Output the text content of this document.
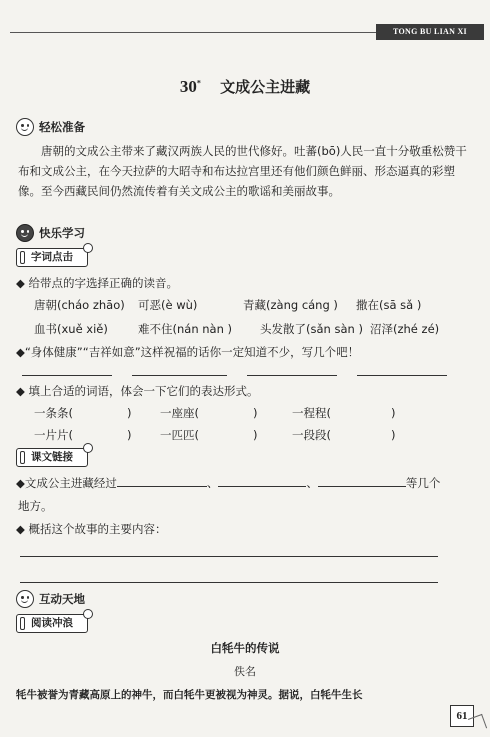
TONG BU LIAN XI
30* 文成公主进藏
轻松准备

唐朝的文成公主带来了藏汉两族人民的世代修好。吐蕃(bō)人民一直十分敬重松赞干布和文成公主，在今天拉萨的大昭寺和布达拉宫里还有他们颜色鲜丽、形态逼真的彩塑像。至今西藏民间仍然流传着有关文成公主的歌谣和美丽故事。

快乐学习
字词点击
◆ 给带点的字选择正确的读音。
唐朝(cháo zhāo) 可恶(è wù)	青藏(zàng cáng ) 撒在(sā sǎ )
血书(xuě xiě)	难不住(nán nàn ) 头发散了(sǎn sàn ) 沼泽(zhé zé)
◆“身体健康”“吉祥如意”这样祝福的话你一定知道不少，写几个吧！
◆ 填上合适的词语，体会一下它们的表达形式。
一条条(	) 一座座(	)	一程程(	)
一片片(	) 一匹匹(	)	一段段(	)
课文链接
◆文成公主进藏经过	、	、	等几个
地方。
◆ 概括这个故事的主要内容：
互动天地
阅读冲浪
白牦牛的传说
佚名
牦牛被誉为青藏高原上的神牛，而白牦牛更被视为神灵。据说，白牦牛生长
61
